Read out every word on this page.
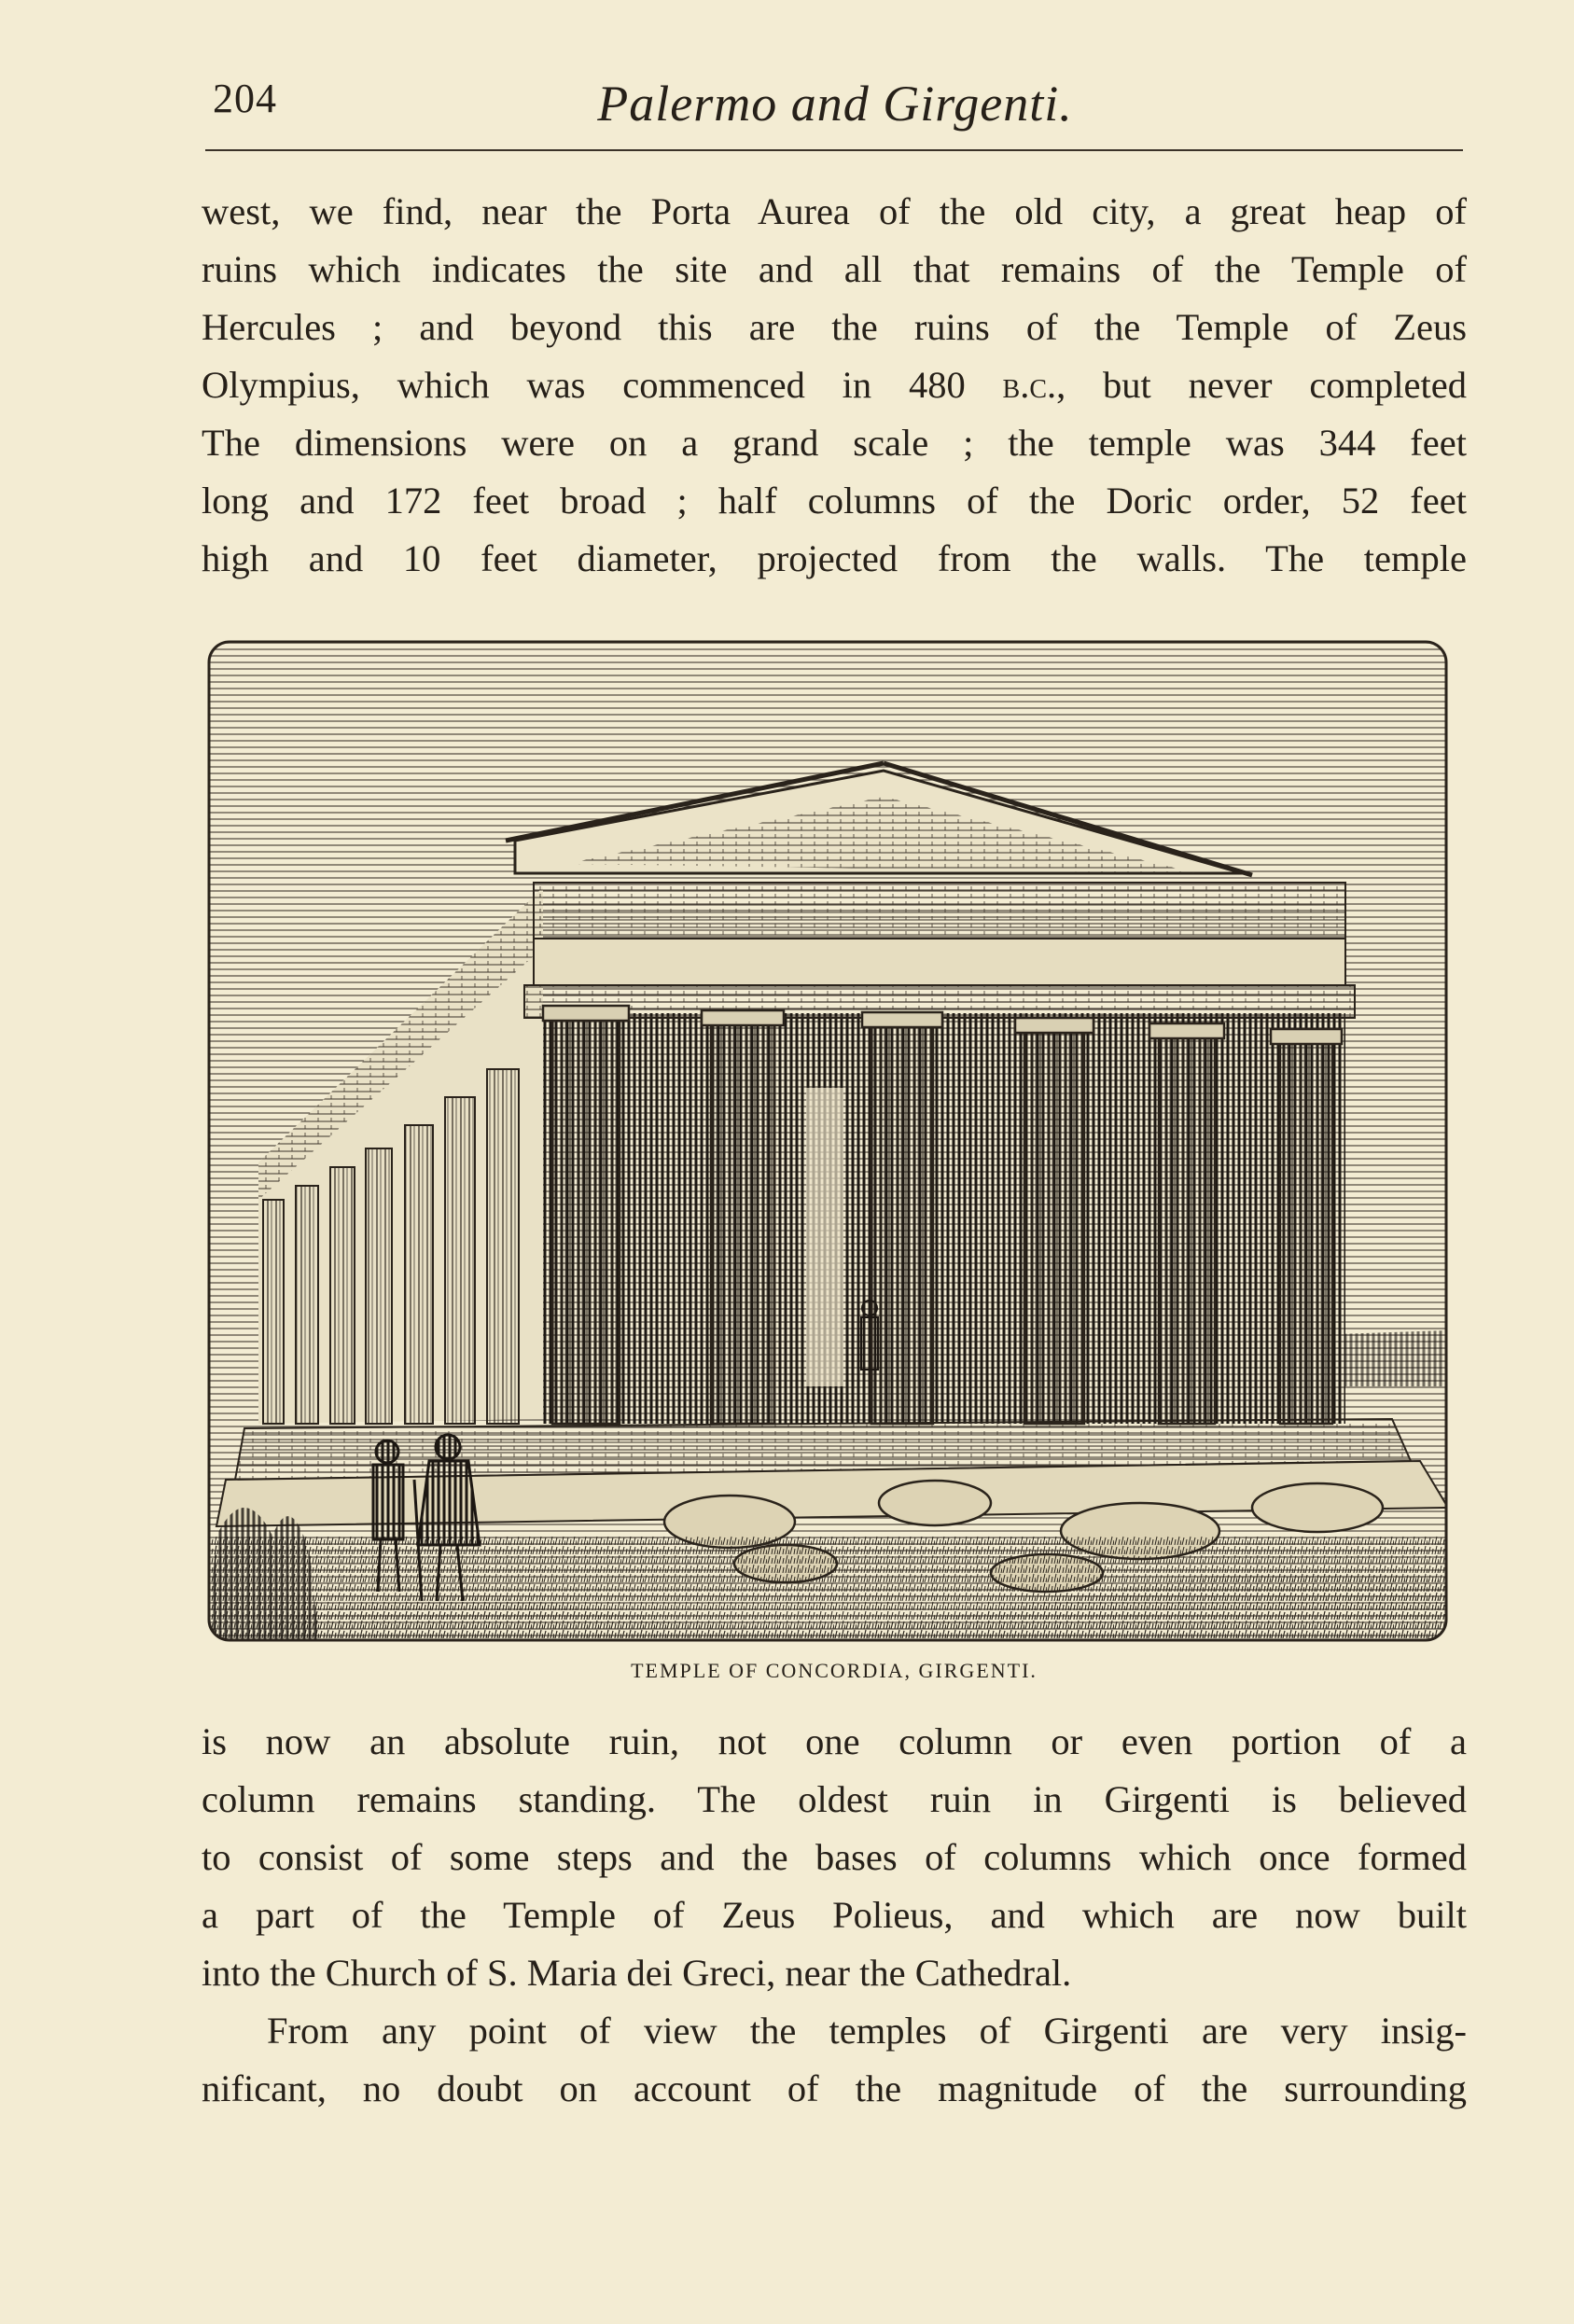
204	Palermo and Girgenti.
west, we find, near the Porta Aurea of the old city, a great heap of
ruins which indicates the site and all that remains of the Temple of
Hercules ; and beyond this are the ruins of the Temple of Zeus
Olympius, which was commenced in 480 b.c., but never completed
The dimensions were on a grand scale ; the temple was 344 feet
long and 172 feet broad ; half columns of the Doric order, 52 feet
high and 10 feet diameter, projected from the walls. The temple
TEMPLE OF CONCORDIA, GIRGENTI.
is now an absolute ruin, not one column or even portion of a
column remains standing. The oldest ruin in Girgenti is believed
to consist of some steps and the bases of columns which once formed
a part of the Temple of Zeus Polieus, and which are now built
into the Church of S. Maria dei Greci, near the Cathedral.
From any point of view the temples of Girgenti are very insig-
nificant, no doubt on account of the magnitude of the surrounding
